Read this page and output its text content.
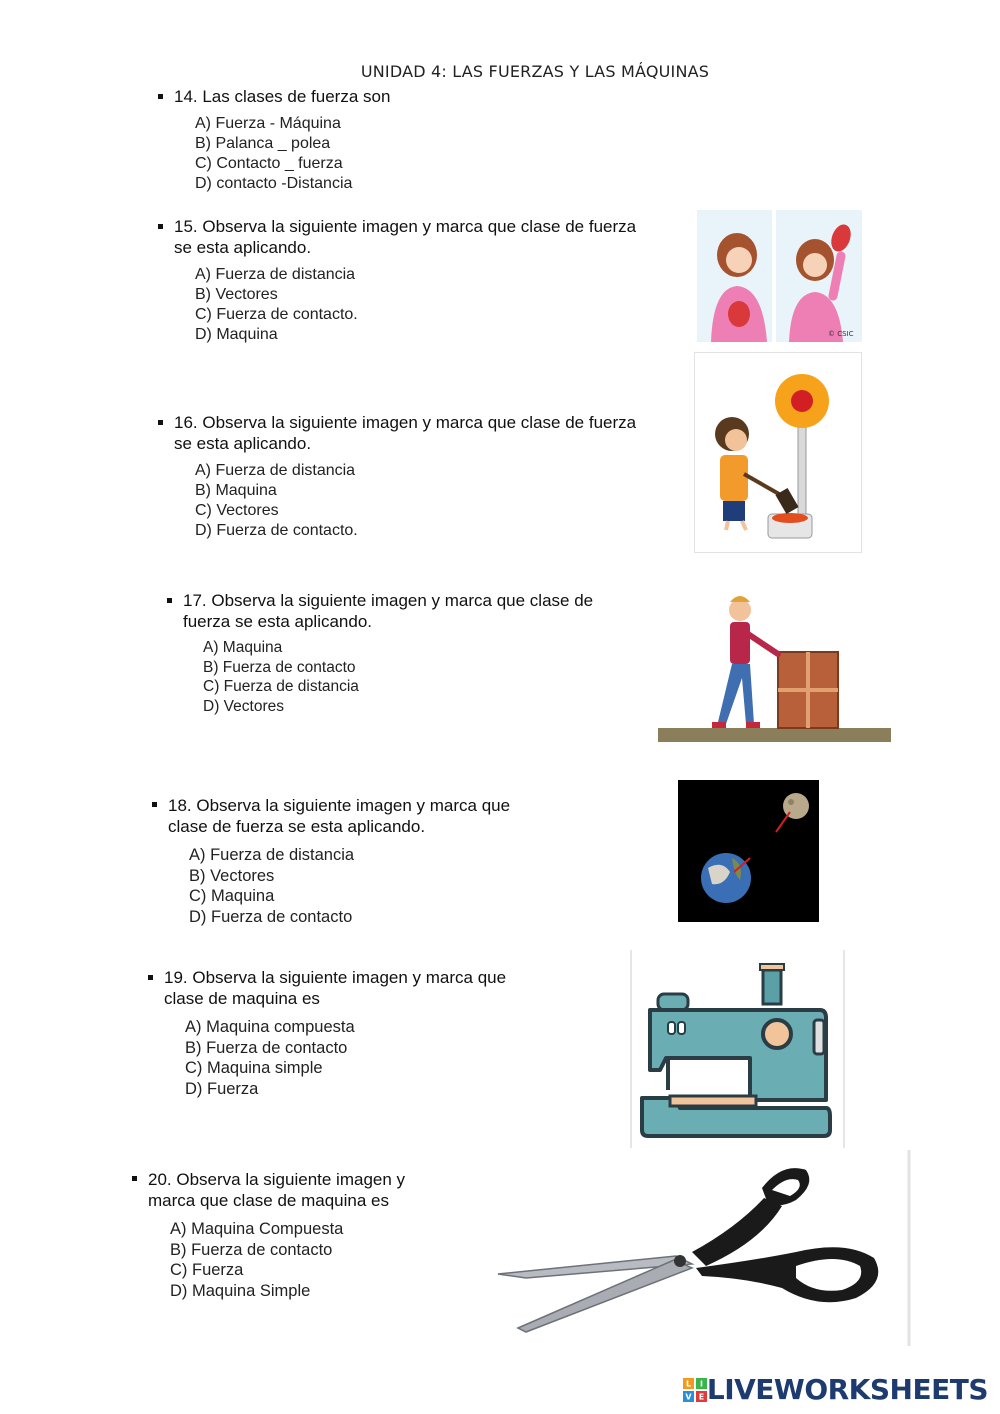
UNIDAD 4: LAS FUERZAS Y LAS MÁQUINAS
14. Las clases de fuerza son
A) Fuerza - Máquina
B) Palanca _ polea
C) Contacto _ fuerza
D) contacto -Distancia
15. Observa la siguiente imagen y marca que clase de fuerza
se esta aplicando.
A) Fuerza de distancia
B) Vectores
C) Fuerza de contacto.
D) Maquina	© CSIC
16. Observa la siguiente imagen y marca que clase de fuerza
se esta aplicando.
A) Fuerza de distancia
B) Maquina
C) Vectores
D) Fuerza de contacto.
17. Observa la siguiente imagen y marca que clase de
fuerza se esta aplicando.
A) Maquina
B) Fuerza de contacto
C) Fuerza de distancia
D) Vectores
18. Observa la siguiente imagen y marca que
clase de fuerza se esta aplicando.
A) Fuerza de distancia
B) Vectores
C) Maquina
D) Fuerza de contacto
19. Observa la siguiente imagen y marca que
clase de maquina es
A) Maquina compuesta
B) Fuerza de contacto
C) Maquina simple
D) Fuerza
20. Observa la siguiente imagen y
marca que clase de maquina es
A) Maquina Compuesta
B) Fuerza de contacto
C) Fuerza
D) Maquina Simple
L I
V E LIVEWORKSHEETS
